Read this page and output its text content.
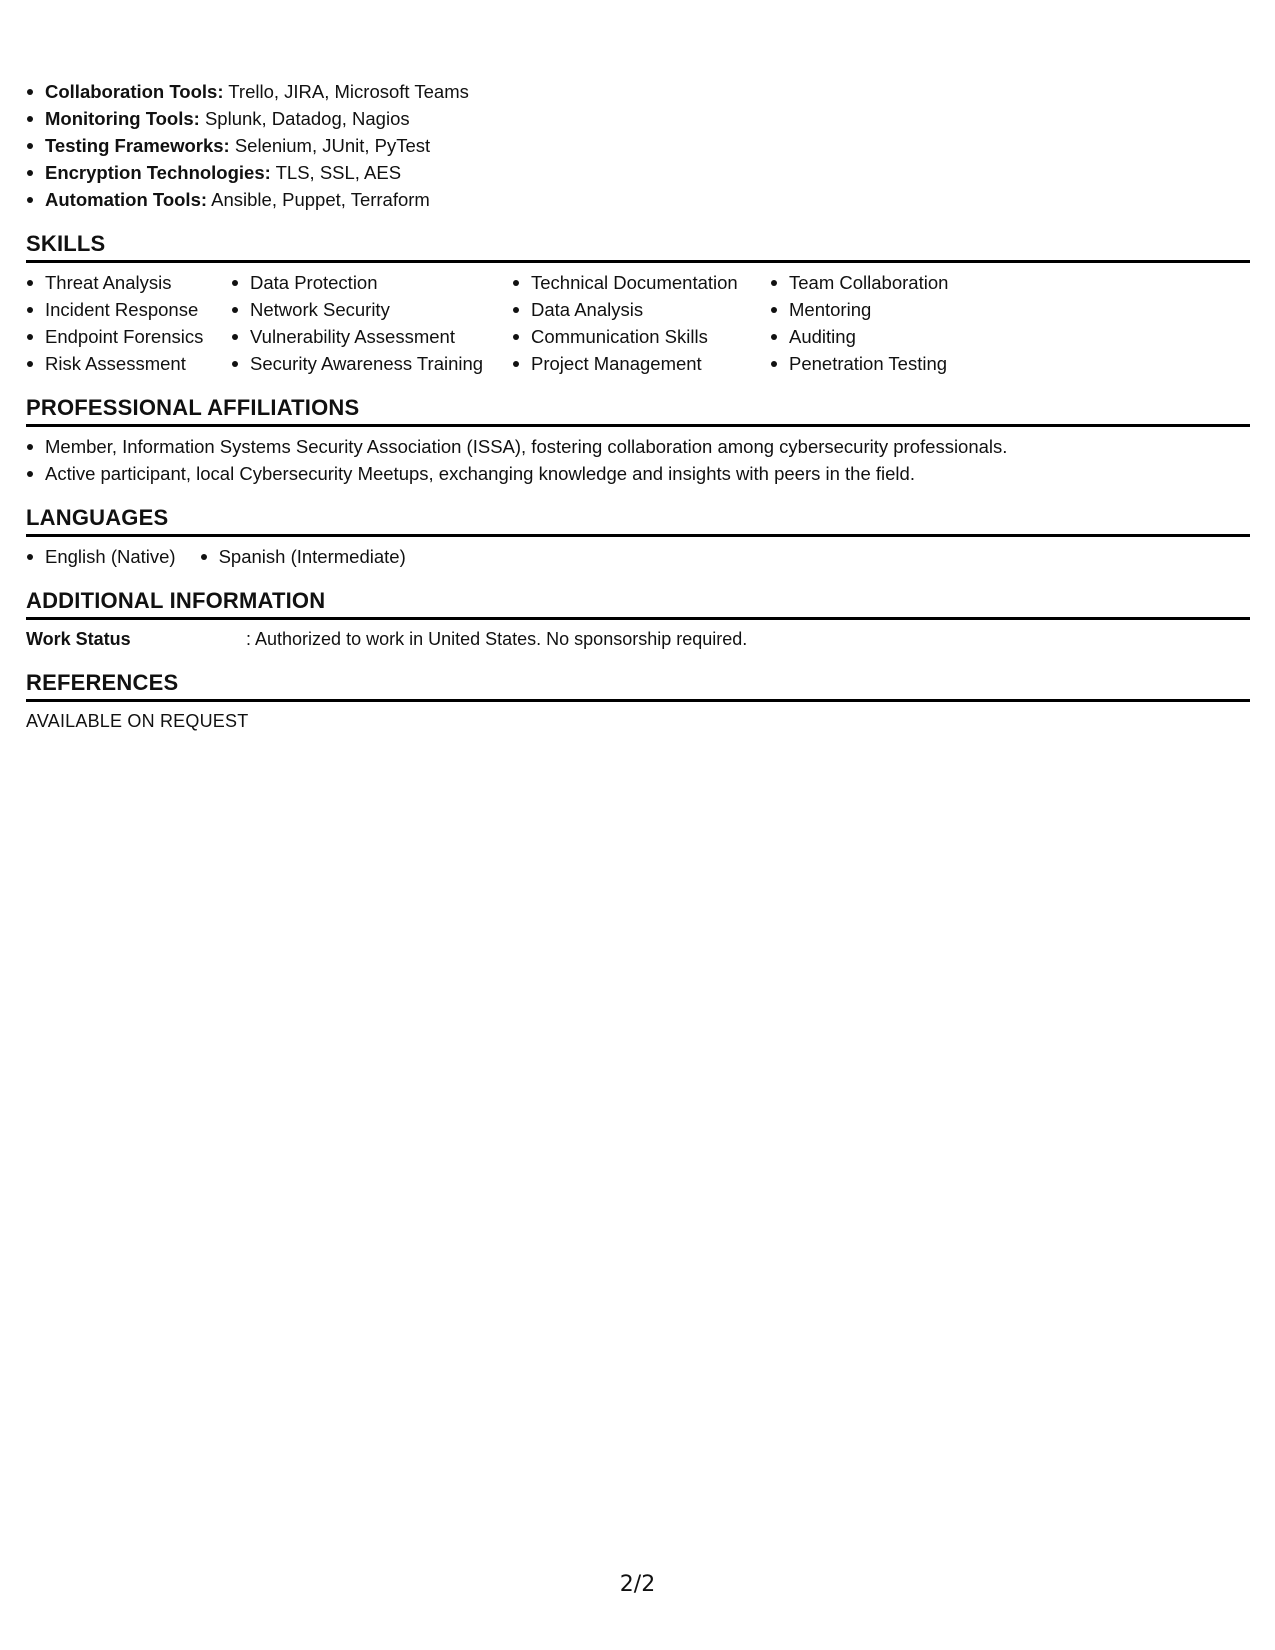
Collaboration Tools: Trello, JIRA, Microsoft Teams
Monitoring Tools: Splunk, Datadog, Nagios
Testing Frameworks: Selenium, JUnit, PyTest
Encryption Technologies: TLS, SSL, AES
Automation Tools: Ansible, Puppet, Terraform
SKILLS
Threat Analysis
Incident Response
Endpoint Forensics
Risk Assessment
Data Protection
Network Security
Vulnerability Assessment
Security Awareness Training
Technical Documentation
Data Analysis
Communication Skills
Project Management
Team Collaboration
Mentoring
Auditing
Penetration Testing
PROFESSIONAL AFFILIATIONS
Member, Information Systems Security Association (ISSA), fostering collaboration among cybersecurity professionals.
Active participant, local Cybersecurity Meetups, exchanging knowledge and insights with peers in the field.
LANGUAGES
English (Native)	Spanish (Intermediate)
ADDITIONAL INFORMATION
Work Status	: Authorized to work in United States. No sponsorship required.
REFERENCES
AVAILABLE ON REQUEST
2/2
